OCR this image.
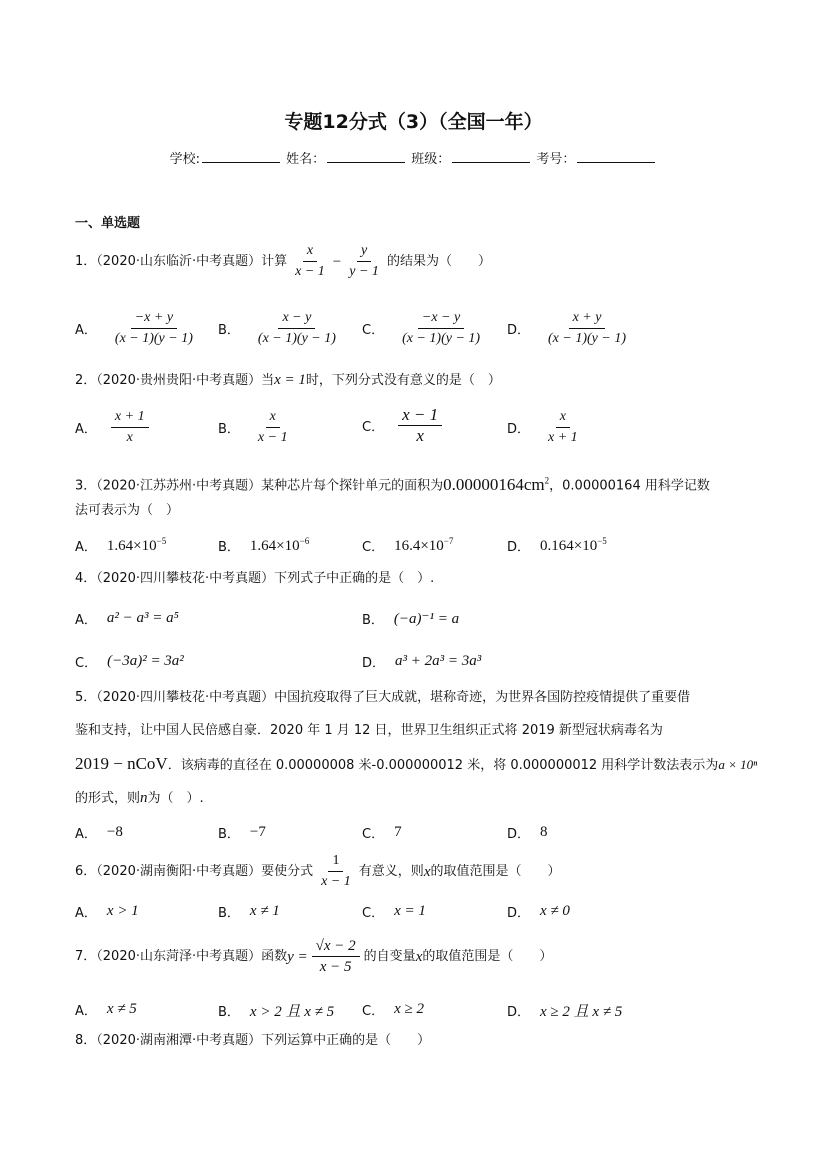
专题12分式（3）（全国一年）
学校:	姓名：	班级：	考号：
一、单选题
1．（2020·山东临沂·中考真题）计算 $\frac{x}{x - 1} - \frac{y}{y - 1}$ 的结果为（　　）
A． $\frac{-x + y}{(x - 1)(y - 1)}$ B． $\frac{x - y}{(x - 1)(y - 1)}$ C． $\frac{-x - y}{(x - 1)(y - 1)}$ D． $\frac{x + y}{(x - 1)(y - 1)}$
2．（2020·贵州贵阳·中考真题）当x = 1时，下列分式没有意义的是（　）
A． $\frac{x + 1}{x}$	B． $\frac{x}{x - 1}$	C． $\frac{x - 1}{x}$	D． $\frac{x}{x + 1}$
3．（2020·江苏苏州·中考真题）某种芯片每个探针单元的面积为$0.00000164cm^2$，0.00000164 用科学记数
法可表示为（　）
A． $1.64\times 10^{-5}$	B． $1.64\times 10^{-6}$	C． $16.4\times 10^{-7}$	D． $0.164\times 10^{-5}$
4．（2020·四川攀枝花·中考真题）下列式子中正确的是（　）.
A． a² − a³ = a⁵	B． (−a)⁻¹ = a
C． (−3a)² = 3a²	D． a³ + 2a³ = 3a³
5．（2020·四川攀枝花·中考真题）中国抗疫取得了巨大成就，堪称奇迹，为世界各国防控疫情提供了重要借
鉴和支持，让中国人民倍感自豪．2020 年 1 月 12 日，世界卫生组织正式将 2019 新型冠状病毒名为
2019 − nCoV．该病毒的直径在 0.00000008 米-0.000000012 米，将 0.000000012 用科学计数法表示为a × 10ⁿ
的形式，则n为（　）.
A． −8	B． −7	C． 7	D． 8
6．（2020·湖南衡阳·中考真题）要使分式 $\frac{1}{x - 1}$ 有意义，则 x 的取值范围是（　　）
A． x > 1	B． x ≠ 1	C． x = 1	D． x ≠ 0
7．（2020·山东菏泽·中考真题）函数 $y = \frac{√x - 2}{x - 5}$ 的自变量 x 的取值范围是（　　）
A． x ≠ 5	B． x > 2 且 x ≠ 5 C． x ≥ 2	D． x ≥ 2 且 x ≠ 5
8．（2020·湖南湘潭·中考真题）下列运算中正确的是（　　）
